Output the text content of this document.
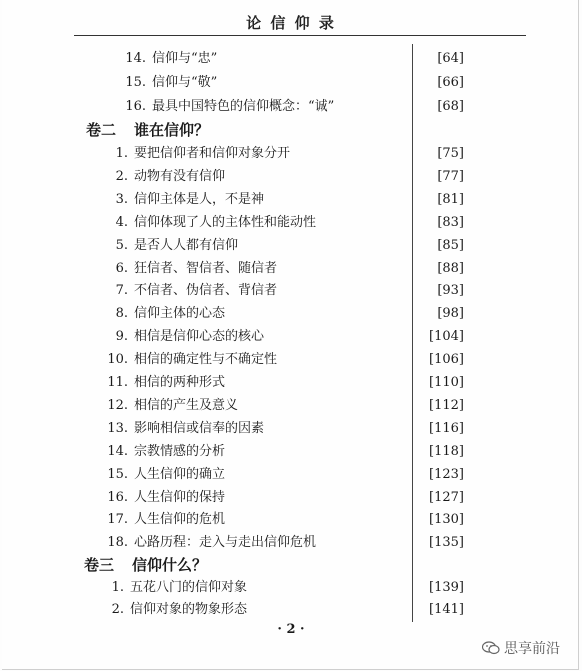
论 信 仰 录
14. 信仰与“忠”	[64]
15. 信仰与“敬”	[66]
16. 最具中国特色的信仰概念：“诚”	[68]
卷二 谁在信仰？
1. 要把信仰者和信仰对象分开	[75]
2. 动物有没有信仰	[77]
3. 信仰主体是人，不是神	[81]
4. 信仰体现了人的主体性和能动性	[83]
5. 是否人人都有信仰	[85]
6. 狂信者、智信者、随信者	[88]
7. 不信者、伪信者、背信者	[93]
8. 信仰主体的心态	[98]
9. 相信是信仰心态的核心	[104]
10. 相信的确定性与不确定性	[106]
11. 相信的两种形式	[110]
12. 相信的产生及意义	[112]
13. 影响相信或信奉的因素	[116]
14. 宗教情感的分析	[118]
15. 人生信仰的确立	[123]
16. 人生信仰的保持	[127]
17. 人生信仰的危机	[130]
18. 心路历程：走入与走出信仰危机	[135]
卷三 信仰什么？
1. 五花八门的信仰对象	[139]
2. 信仰对象的物象形态	[141]
· 2 ·
思享前沿
